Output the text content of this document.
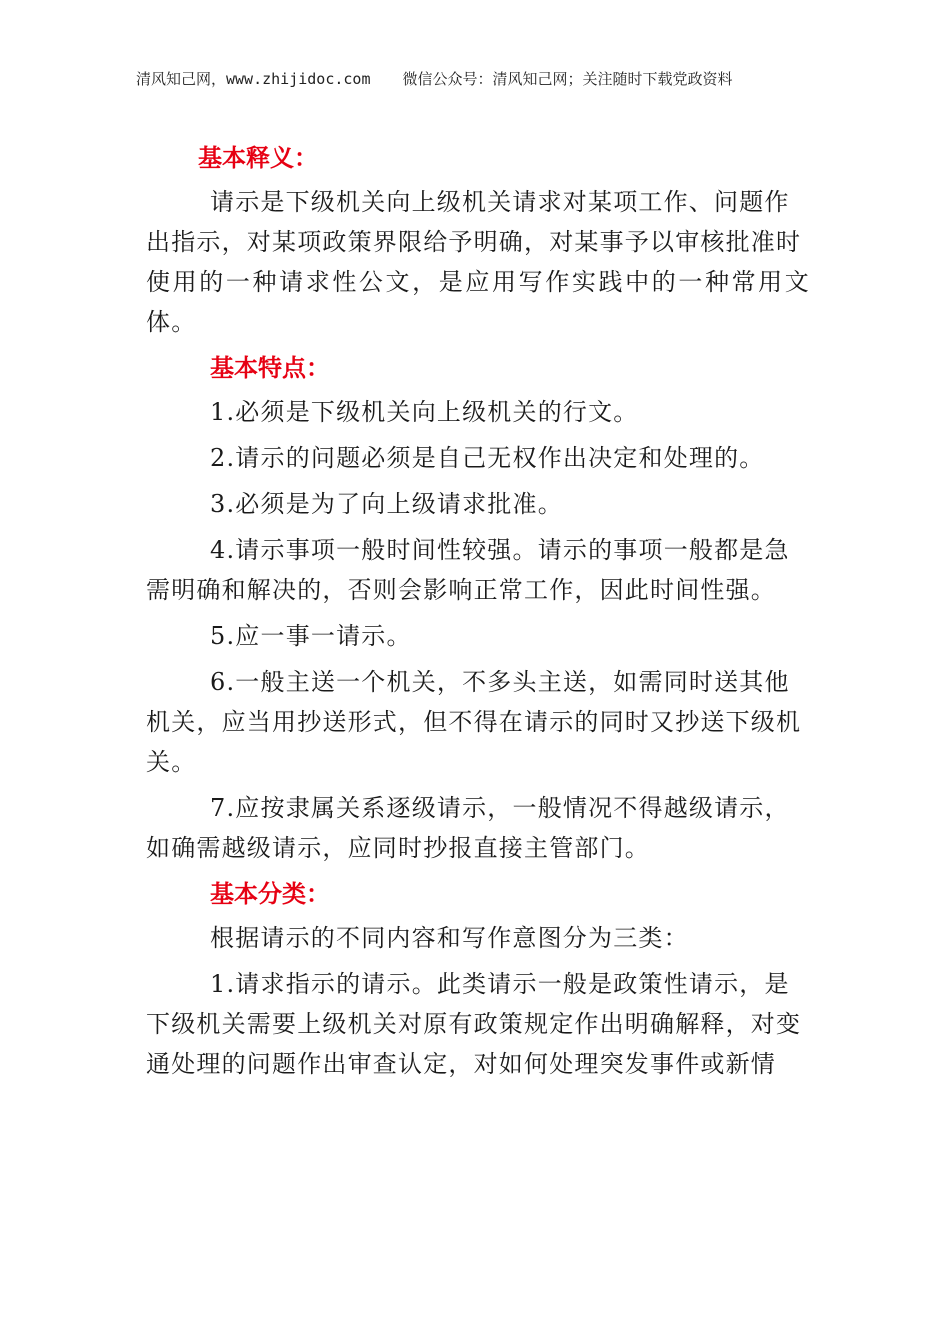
清风知己网，www.zhijidoc.com 微信公众号：清风知己网；关注随时下载党政资料
基本释义：

请示是下级机关向上级机关请求对某项工作、问题作
出指示，对某项政策界限给予明确，对某事予以审核批准时
使用的一种请求性公文，是应用写作实践中的一种常用文体。

基本特点：

1.必须是下级机关向上级机关的行文。

2.请示的问题必须是自己无权作出决定和处理的。

3.必须是为了向上级请求批准。

4.请示事项一般时间性较强。请示的事项一般都是急
需明确和解决的，否则会影响正常工作，因此时间性强。

5.应一事一请示。

6.一般主送一个机关，不多头主送，如需同时送其他
机关，应当用抄送形式，但不得在请示的同时又抄送下级机
关。

7.应按隶属关系逐级请示，一般情况不得越级请示，
如确需越级请示，应同时抄报直接主管部门。

基本分类：

根据请示的不同内容和写作意图分为三类：

1.请求指示的请示。此类请示一般是政策性请示，是
下级机关需要上级机关对原有政策规定作出明确解释，对变
通处理的问题作出审查认定，对如何处理突发事件或新情
